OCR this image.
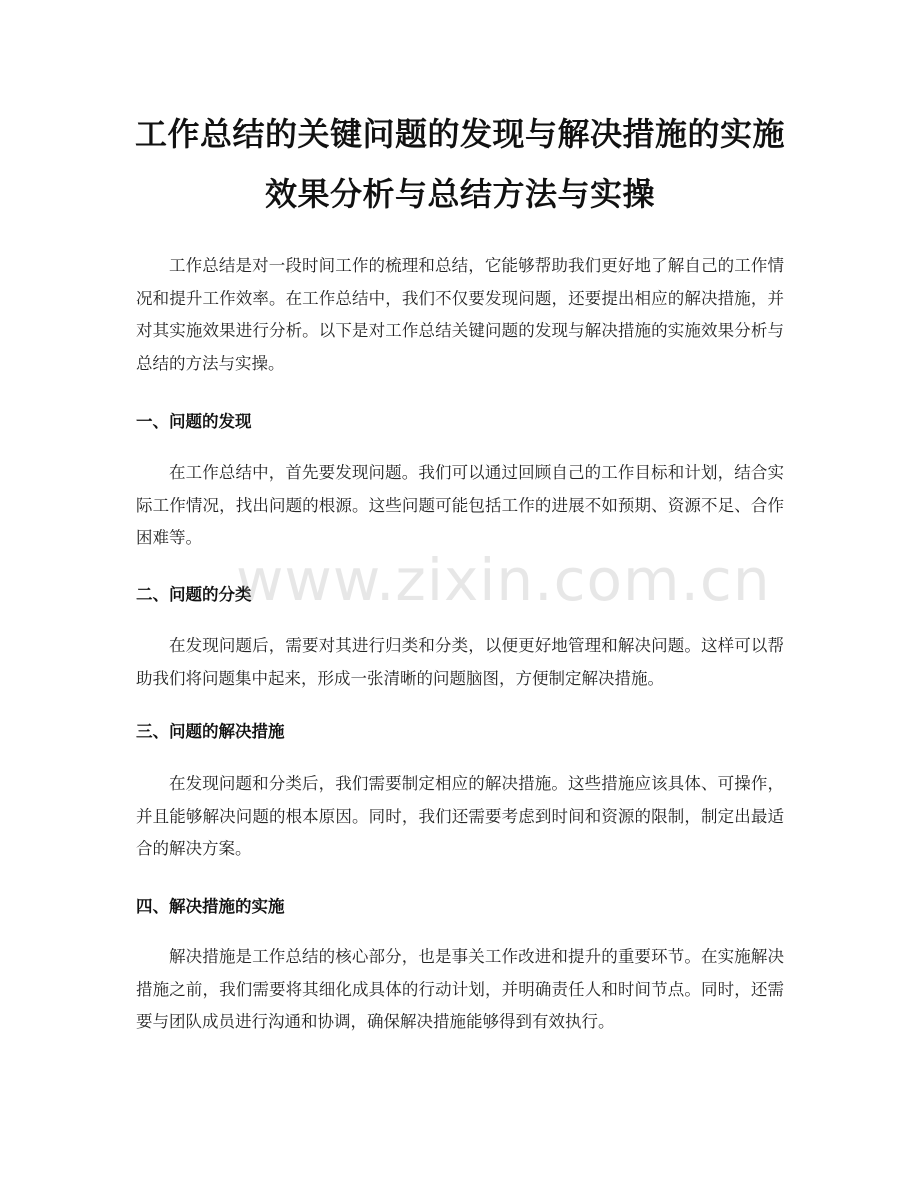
工作总结的关键问题的发现与解决措施的实施效果分析与总结方法与实操

工作总结是对一段时间工作的梳理和总结，它能够帮助我们更好地了解自己的工作情况和提升工作效率。在工作总结中，我们不仅要发现问题，还要提出相应的解决措施，并对其实施效果进行分析。以下是对工作总结关键问题的发现与解决措施的实施效果分析与总结的方法与实操。

一、问题的发现

在工作总结中，首先要发现问题。我们可以通过回顾自己的工作目标和计划，结合实际工作情况，找出问题的根源。这些问题可能包括工作的进展不如预期、资源不足、合作困难等。

二、问题的分类

在发现问题后，需要对其进行归类和分类，以便更好地管理和解决问题。这样可以帮助我们将问题集中起来，形成一张清晰的问题脑图，方便制定解决措施。

三、问题的解决措施

在发现问题和分类后，我们需要制定相应的解决措施。这些措施应该具体、可操作，并且能够解决问题的根本原因。同时，我们还需要考虑到时间和资源的限制，制定出最适合的解决方案。

四、解决措施的实施

解决措施是工作总结的核心部分，也是事关工作改进和提升的重要环节。在实施解决措施之前，我们需要将其细化成具体的行动计划，并明确责任人和时间节点。同时，还需要与团队成员进行沟通和协调，确保解决措施能够得到有效执行。

www.zixin.com.cn
